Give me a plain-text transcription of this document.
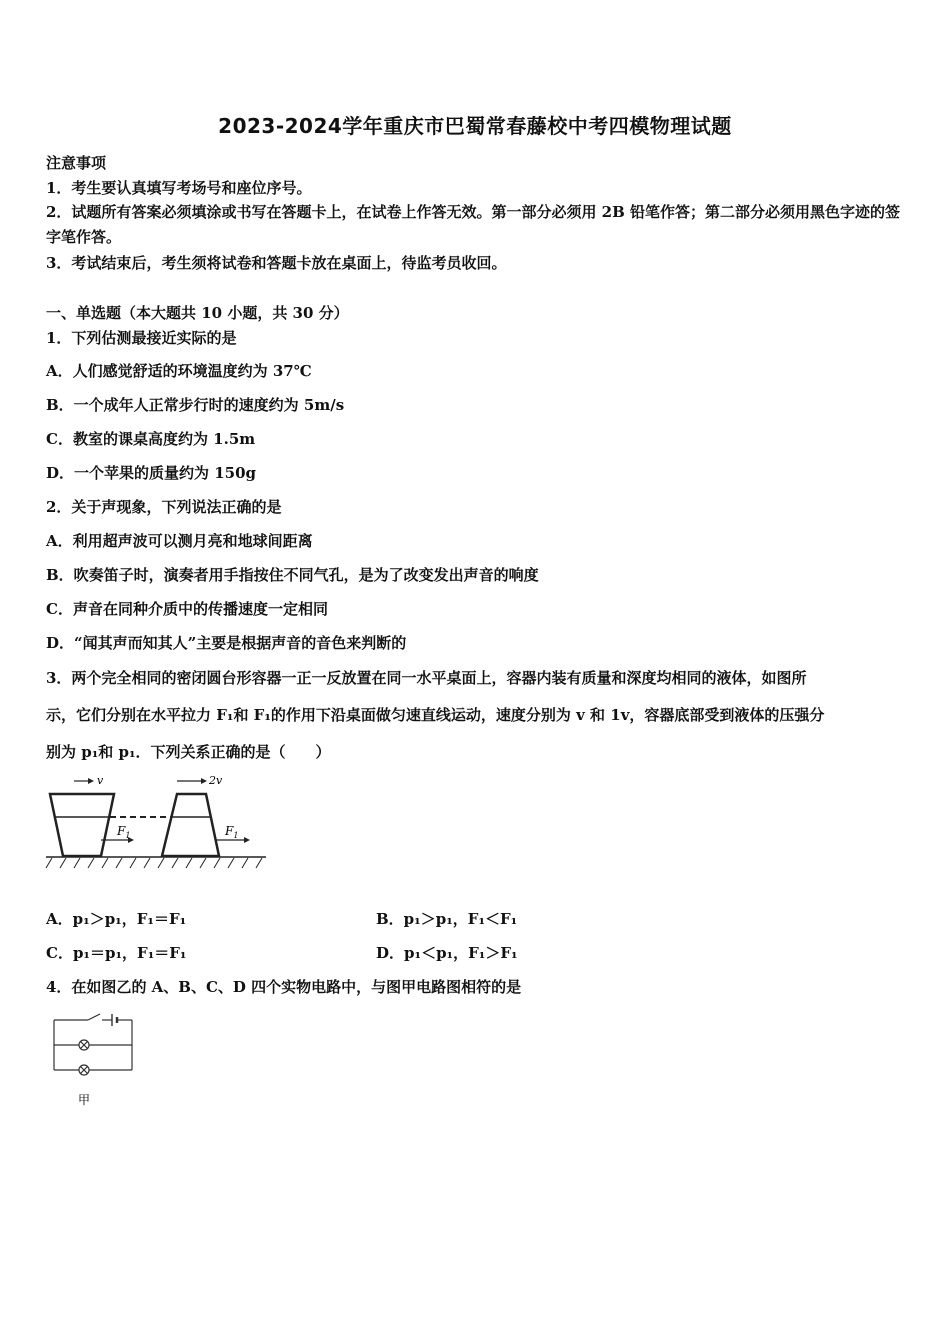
2023-2024学年重庆市巴蜀常春藤校中考四模物理试题
注意事项
1．考生要认真填写考场号和座位序号。
2．试题所有答案必须填涂或书写在答题卡上，在试卷上作答无效。第一部分必须用 2B 铅笔作答；第二部分必须用黑色字迹的签字笔作答。
3．考试结束后，考生须将试卷和答题卡放在桌面上，待监考员收回。
一、单选题（本大题共 10 小题，共 30 分）
1．下列估测最接近实际的是
A．人们感觉舒适的环境温度约为 37℃
B．一个成年人正常步行时的速度约为 5m/s
C．教室的课桌高度约为 1.5m
D．一个苹果的质量约为 150g
2．关于声现象，下列说法正确的是
A．利用超声波可以测月亮和地球间距离
B．吹奏笛子时，演奏者用手指按住不同气孔，是为了改变发出声音的响度
C．声音在同种介质中的传播速度一定相同
D．“闻其声而知其人”主要是根据声音的音色来判断的
3．两个完全相同的密闭圆台形容器一正一反放置在同一水平桌面上，容器内装有质量和深度均相同的液体，如图所
示，它们分别在水平拉力 F₁和 F₁的作用下沿桌面做匀速直线运动，速度分别为 v 和 1v，容器底部受到液体的压强分
别为 p₁和 p₁．下列关系正确的是（　　）
v	2v
$F_1$	$F_1$
A．p₁＞p₁，F₁＝F₁	B．p₁＞p₁，F₁＜F₁
C．p₁＝p₁，F₁＝F₁	D．p₁＜p₁，F₁＞F₁
4．在如图乙的 A、B、C、D 四个实物电路中，与图甲电路图相符的是
甲
